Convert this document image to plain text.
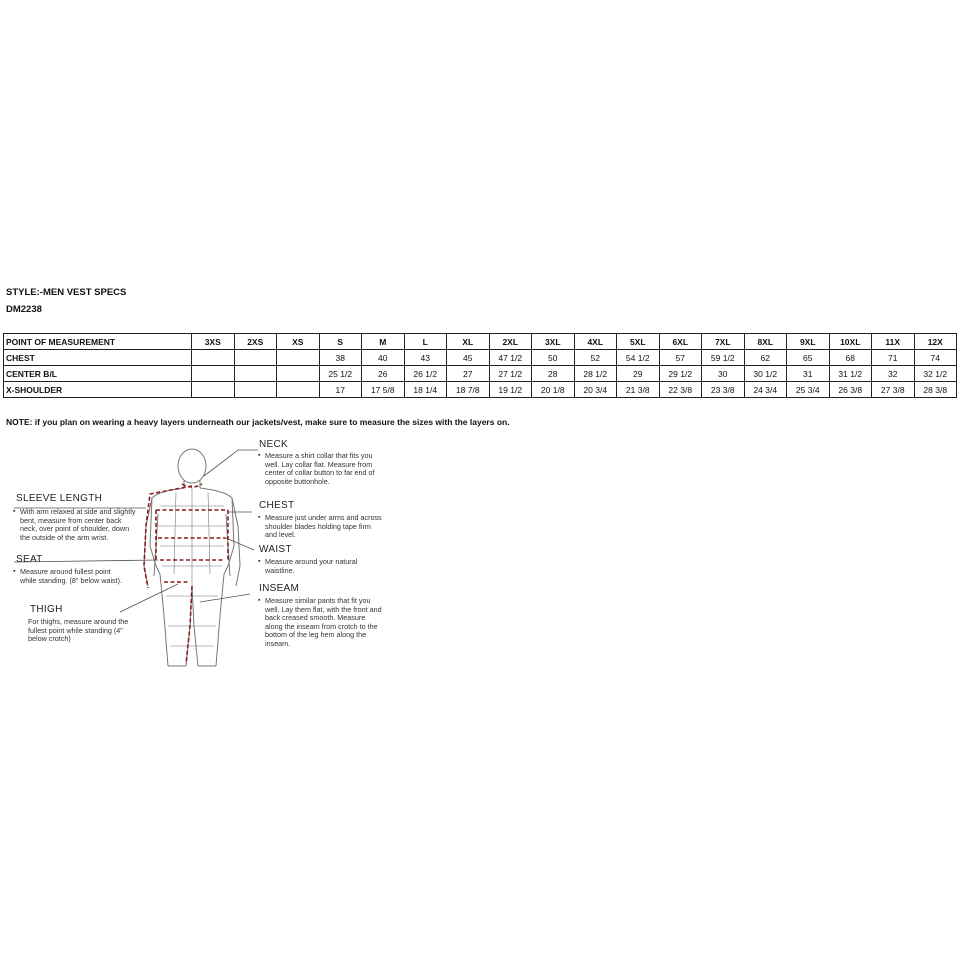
STYLE:-MEN VEST SPECS
DM2238
POINT OF MEASUREMENT	3XS	2XS	XS	S	M	L	XL	2XL	3XL	4XL	5XL	6XL	7XL	8XL	9XL	10XL	11X	12X
CHEST				38	40	43	45	47 1/2	50	52	54 1/2	57	59 1/2	62	65	68	71	74
CENTER B/L				25 1/2	26	26 1/2	27	27 1/2	28	28 1/2	29	29 1/2	30	30 1/2	31	31 1/2	32	32 1/2
X-SHOULDER				17	17 5/8	18 1/4	18 7/8	19 1/2	20 1/8	20 3/4	21 3/8	22 3/8	23 3/8	24 3/4	25 3/4	26 3/8	27 3/8	28 3/8
NOTE: if you plan on wearing a heavy layers underneath our jackets/vest, make sure to measure the sizes with the layers on.
NECK
▪ Measure a shirt collar that fits you well. Lay collar flat. Measure from center of collar button to far end of opposite buttonhole.
CHEST
▪ Measure just under arms and across shoulder blades holding tape firm and level.
WAIST
▪ Measure around your natural waistline.
INSEAM
▪ Measure similar pants that fit you well. Lay them flat, with the front and back creased smooth. Measure along the inseam from crotch to the bottom of the leg hem along the inseam.
SLEEVE LENGTH
▪ With arm relaxed at side and slightly bent, measure from center back neck, over point of shoulder, down the outside of the arm wrist.
SEAT
▪ Measure around fullest point while standing. (8" below waist).
THIGH
For thighs, measure around the fullest point while standing (4" below crotch)
